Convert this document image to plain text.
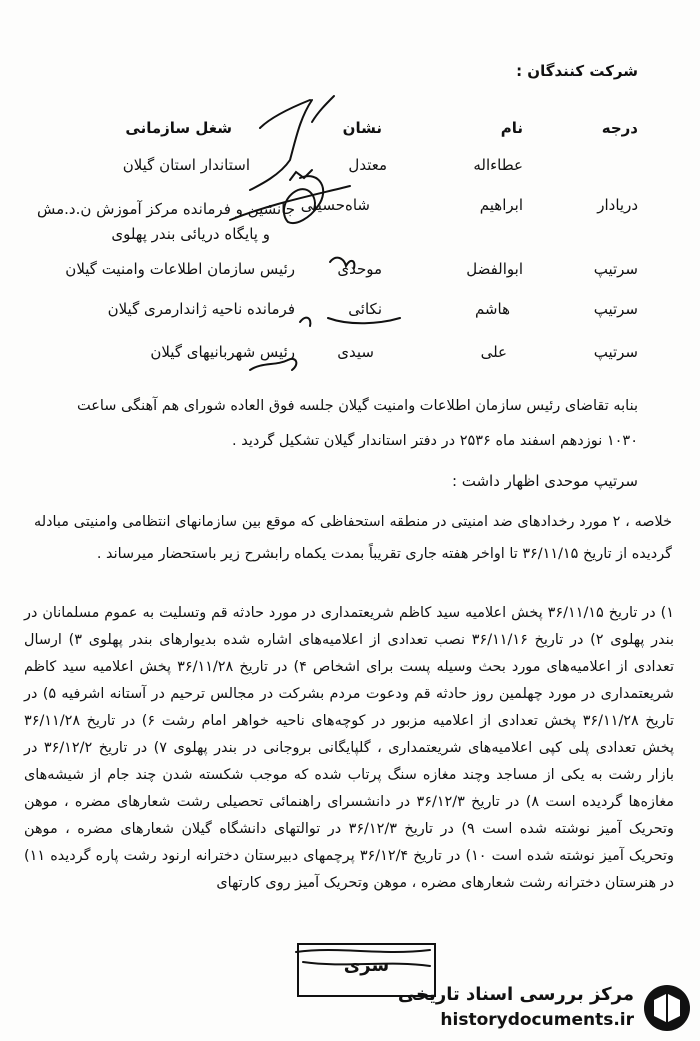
شرکت کنندگان :
درجه
نام
نشان
شغل سازمانی
عطاءاله
معتدل
استاندار استان گیلان
دریادار
ابراهیم
شاه‌حسینی
جانشین و فرمانده مرکز آموزش ن.د.مش
و پایگاه دریائی بندر پهلوی
سرتیپ
ابوالفضل
موحدی
رئیس سازمان اطلاعات وامنیت گیلان
سرتیپ
هاشم
نکائی
فرمانده ناحیه ژاندارمری گیلان
سرتیپ
علی
سیدی
رئیس شهربانیهای گیلان
بنابه تقاضای رئیس سازمان اطلاعات وامنیت گیلان جلسه فوق العاده شورای هم آهنگی ساعت
۱۰۳۰ نوزدهم اسفند ماه ۲۵۳۶ در دفتر استاندار گیلان تشکیل گردید .
سرتیپ موحدی اظهار داشت :
خلاصه ، ۲ مورد رخدادهای ضد امنیتی در منطقه استحفاظی که موقع بین سازمانهای انتظامی وامنیتی مبادله گردیده از تاریخ ۳۶/۱۱/۱۵ تا اواخر هفته جاری تقریباً بمدت یکماه رابشرح زیر باستحضار میرساند .
۱) در تاریخ ۳۶/۱۱/۱۵ پخش اعلامیه سید کاظم شریعتمداری در مورد حادثه قم وتسلیت به عموم مسلمانان در بندر پهلوی ۲) در تاریخ ۳۶/۱۱/۱۶ نصب تعدادی از اعلامیه‌های اشاره شده بدیوارهای بندر پهلوی ۳) ارسال تعدادی از اعلامیه‌های مورد بحث وسیله پست برای اشخاص ۴) در تاریخ ۳۶/۱۱/۲۸ پخش اعلامیه سید کاظم شریعتمداری در مورد چهلمین روز حادثه قم ودعوت مردم بشرکت در مجالس ترحیم در آستانه اشرفیه ۵) در تاریخ ۳۶/۱۱/۲۸ پخش تعدادی از اعلامیه مزبور در کوچه‌های ناحیه خواهر امام رشت ۶) در تاریخ ۳۶/۱۱/۲۸ پخش تعدادی پلی کپی اعلامیه‌های شریعتمداری ، گلپایگانی بروجانی در بندر پهلوی ۷) در تاریخ ۳۶/۱۲/۲ در بازار رشت به یکی از مساجد وچند مغازه سنگ پرتاب شده که موجب شکسته شدن چند جام از شیشه‌های مغازه‌ها گردیده است ۸) در تاریخ ۳۶/۱۲/۳ در دانشسرای راهنمائی تحصیلی رشت شعارهای مضره ، موهن وتحریک آمیز نوشته شده است ۹) در تاریخ ۳۶/۱۲/۳ در توالتهای دانشگاه گیلان شعارهای مضره ، موهن وتحریک آمیز نوشته شده است ۱۰) در تاریخ ۳۶/۱۲/۴ پرچمهای دبیرستان دخترانه ارنود رشت پاره گردیده ۱۱) در هنرستان دخترانه رشت شعارهای مضره ، موهن وتحریک آمیز روی کارتهای
سری
مرکز بررسی اسناد تاریخی
historydocuments.ir
